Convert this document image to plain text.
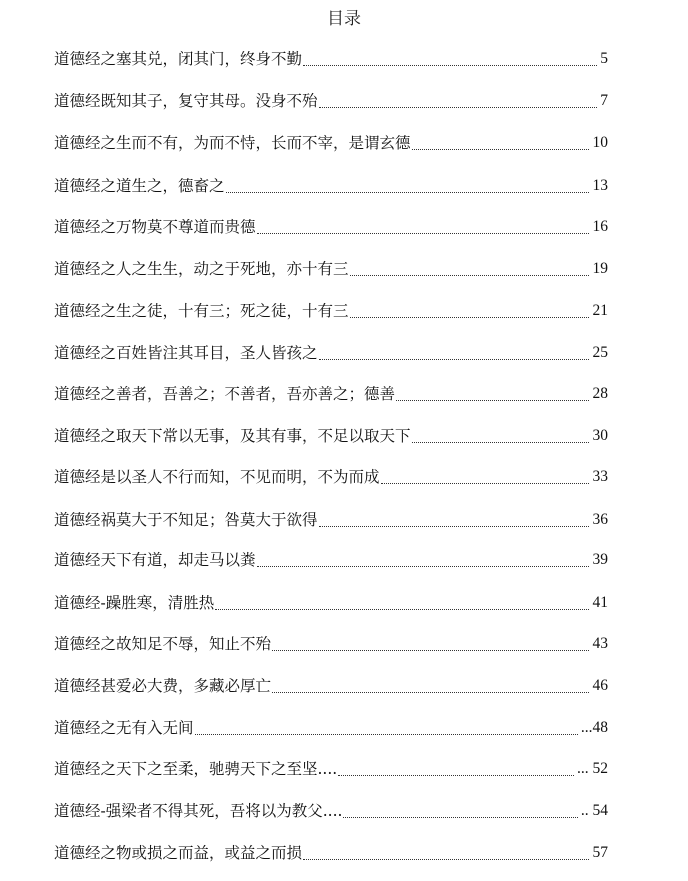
目录
道德经之塞其兑，闭其门，终身不勤	5
道德经既知其子，复守其母。没身不殆	7
道德经之生而不有，为而不恃，长而不宰，是谓玄德	10
道德经之道生之，德畜之	13
道德经之万物莫不尊道而贵德	16
道德经之人之生生，动之于死地，亦十有三	19
道德经之生之徒，十有三；死之徒，十有三	21
道德经之百姓皆注其耳目，圣人皆孩之	25
道德经之善者，吾善之；不善者，吾亦善之；德善	28
道德经之取天下常以无事，及其有事，不足以取天下	30
道德经是以圣人不行而知，不见而明，不为而成	33
道德经祸莫大于不知足；咎莫大于欲得	36
道德经天下有道，却走马以粪	39
道德经-躁胜寒，清胜热	41
道德经之故知足不辱，知止不殆	43
道德经甚爱必大费，多藏必厚亡	46
道德经之无有入无间	...48
道德经之天下之至柔，驰骋天下之至坚....	... 52
道德经-强梁者不得其死，吾将以为教父....	.. 54
道德经之物或损之而益，或益之而损	57
